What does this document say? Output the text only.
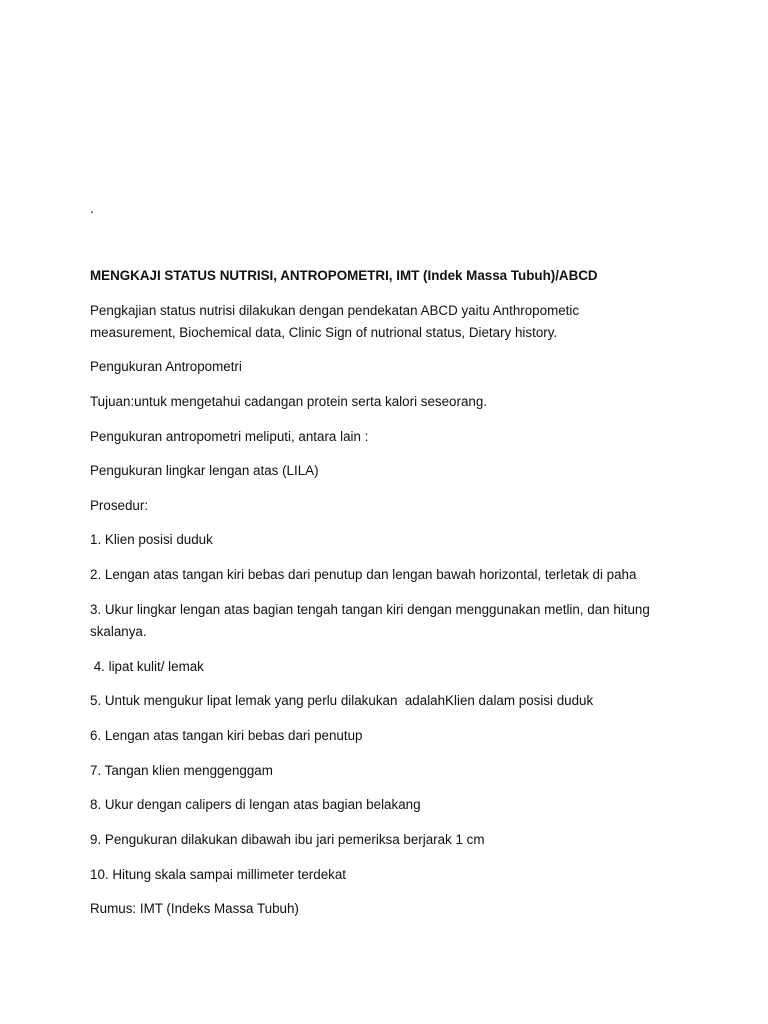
.
MENGKAJI STATUS NUTRISI, ANTROPOMETRI, IMT (Indek Massa Tubuh)/ABCD
Pengkajian status nutrisi dilakukan dengan pendekatan ABCD yaitu Anthropometic
measurement, Biochemical data, Clinic Sign of nutrional status, Dietary history.
Pengukuran Antropometri
Tujuan:untuk mengetahui cadangan protein serta kalori seseorang.
Pengukuran antropometri meliputi, antara lain :
Pengukuran lingkar lengan atas (LILA)
Prosedur:
1. Klien posisi duduk
2. Lengan atas tangan kiri bebas dari penutup dan lengan bawah horizontal, terletak di paha
3. Ukur lingkar lengan atas bagian tengah tangan kiri dengan menggunakan metlin, dan hitung
skalanya.
4. lipat kulit/ lemak
5. Untuk mengukur lipat lemak yang perlu dilakukan  adalahKlien dalam posisi duduk
6. Lengan atas tangan kiri bebas dari penutup
7. Tangan klien menggenggam
8. Ukur dengan calipers di lengan atas bagian belakang
9. Pengukuran dilakukan dibawah ibu jari pemeriksa berjarak 1 cm
10. Hitung skala sampai millimeter terdekat
Rumus: IMT (Indeks Massa Tubuh)
